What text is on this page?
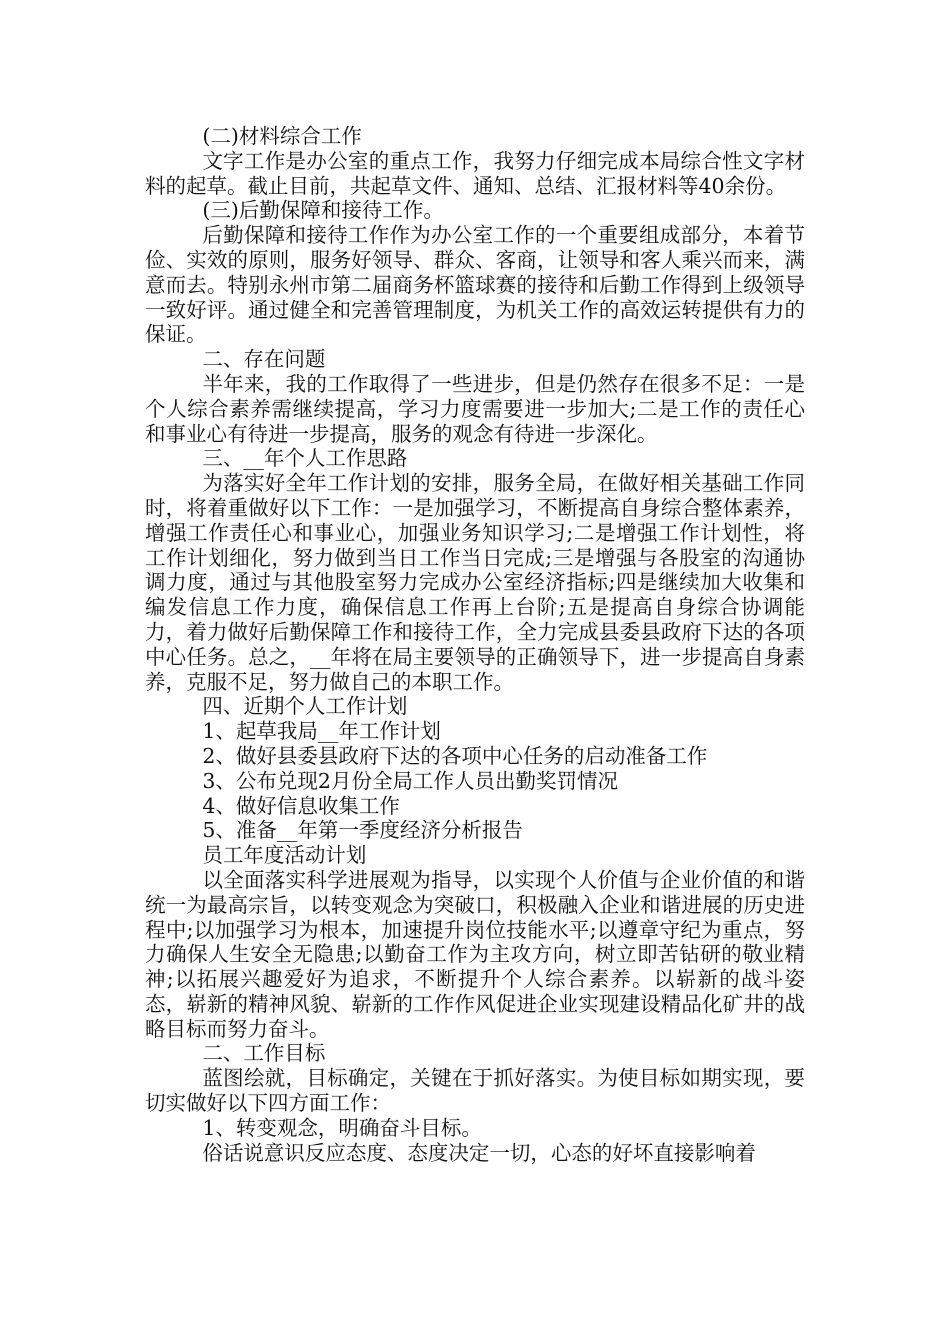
(二)材料综合工作

文字工作是办公室的重点工作，我努力仔细完成本局综合性文字材料的起草。截止目前，共起草文件、通知、总结、汇报材料等40余份。

(三)后勤保障和接待工作。

后勤保障和接待工作作为办公室工作的一个重要组成部分，本着节俭、实效的原则，服务好领导、群众、客商，让领导和客人乘兴而来，满意而去。特别永州市第二届商务杯篮球赛的接待和后勤工作得到上级领导一致好评。通过健全和完善管理制度，为机关工作的高效运转提供有力的保证。

二、存在问题

半年来，我的工作取得了一些进步，但是仍然存在很多不足：一是个人综合素养需继续提高，学习力度需要进一步加大;二是工作的责任心和事业心有待进一步提高，服务的观念有待进一步深化。

三、__年个人工作思路

为落实好全年工作计划的安排，服务全局，在做好相关基础工作同时，将着重做好以下工作：一是加强学习，不断提高自身综合整体素养，增强工作责任心和事业心，加强业务知识学习;二是增强工作计划性，将工作计划细化，努力做到当日工作当日完成;三是增强与各股室的沟通协调力度，通过与其他股室努力完成办公室经济指标;四是继续加大收集和编发信息工作力度，确保信息工作再上台阶;五是提高自身综合协调能力，着力做好后勤保障工作和接待工作，全力完成县委县政府下达的各项中心任务。总之，__年将在局主要领导的正确领导下，进一步提高自身素养，克服不足，努力做自己的本职工作。

四、近期个人工作计划

1、起草我局__年工作计划

2、做好县委县政府下达的各项中心任务的启动准备工作

3、公布兑现2月份全局工作人员出勤奖罚情况

4、做好信息收集工作

5、准备__年第一季度经济分析报告

员工年度活动计划

以全面落实科学进展观为指导，以实现个人价值与企业价值的和谐统一为最高宗旨，以转变观念为突破口，积极融入企业和谐进展的历史进程中;以加强学习为根本，加速提升岗位技能水平;以遵章守纪为重点，努力确保人生安全无隐患;以勤奋工作为主攻方向，树立即苦钻研的敬业精神;以拓展兴趣爱好为追求，不断提升个人综合素养。以崭新的战斗姿态，崭新的精神风貌、崭新的工作作风促进企业实现建设精品化矿井的战略目标而努力奋斗。

二、工作目标

蓝图绘就，目标确定，关键在于抓好落实。为使目标如期实现，要切实做好以下四方面工作：

1、转变观念，明确奋斗目标。

俗话说意识反应态度、态度决定一切，心态的好坏直接影响着
